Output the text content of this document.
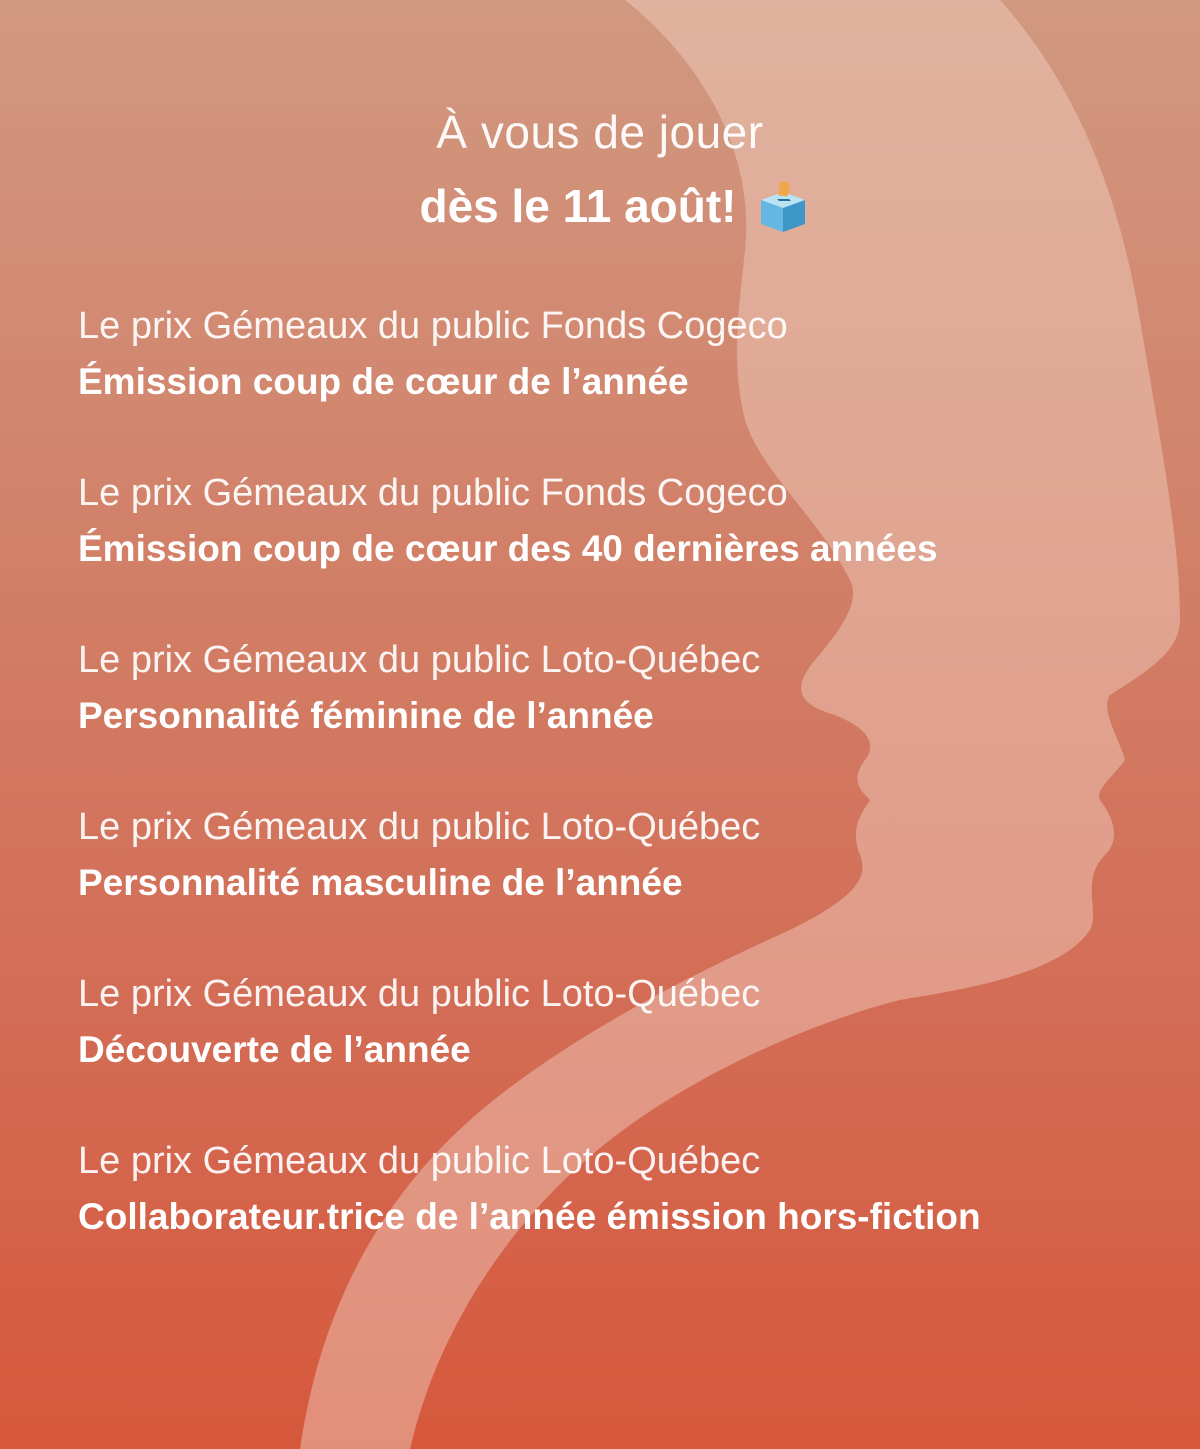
À vous de jouer
dès le 11 août!
Le prix Gémeaux du public Fonds Cogeco
Émission coup de cœur de l’année
Le prix Gémeaux du public Fonds Cogeco
Émission coup de cœur des 40 dernières années
Le prix Gémeaux du public Loto-Québec
Personnalité féminine de l’année
Le prix Gémeaux du public Loto-Québec
Personnalité masculine de l’année
Le prix Gémeaux du public Loto-Québec
Découverte de l’année
Le prix Gémeaux du public Loto-Québec
Collaborateur.trice de l’année émission hors-fiction
